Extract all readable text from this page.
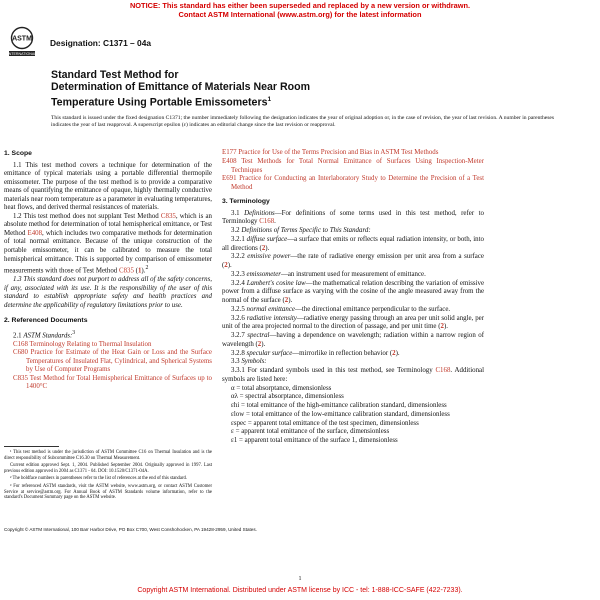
NOTICE: This standard has either been superseded and replaced by a new version or withdrawn.
Contact ASTM International (www.astm.org) for the latest information
ASTM
INTERNATIONAL
Designation: C1371 – 04a
Standard Test Method for
Determination of Emittance of Materials Near Room
Temperature Using Portable Emissometers$^1$
This standard is issued under the fixed designation C1371; the number immediately following the designation indicates the year of original adoption or, in the case of revision, the year of last revision. A number in parentheses indicates the year of last reapproval. A superscript epsilon (ε) indicates an editorial change since the last revision or reapproval.
1. Scope

1.1 This test method covers a technique for determination of the emittance of typical materials using a portable differential thermopile emissometer. The purpose of the test method is to provide a comparative means of quantifying the emittance of opaque, highly thermally conductive materials near room temperature as a parameter in evaluating temperatures, heat flows, and derived thermal resistances of materials.

1.2 This test method does not supplant Test Method C835, which is an absolute method for determination of total hemispherical emittance, or Test Method E408, which includes two comparative methods for determination of total normal emittance. Because of the unique construction of the portable emissometer, it can be calibrated to measure the total hemispherical emittance. This is supported by comparison of emissometer measurements with those of Test Method C835 (1).$^2$

1.3 This standard does not purport to address all of the safety concerns, if any, associated with its use. It is the responsibility of the user of this standard to establish appropriate safety and health practices and determine the applicability of regulatory limitations prior to use.

2. Referenced Documents

2.1 ASTM Standards:$^3$

C168 Terminology Relating to Thermal Insulation

C680 Practice for Estimate of the Heat Gain or Loss and the Surface Temperatures of Insulated Flat, Cylindrical, and Spherical Systems by Use of Computer Programs

C835 Test Method for Total Hemispherical Emittance of Surfaces up to 1400°C

¹ This test method is under the jurisdiction of ASTM Committee C16 on Thermal Insulation and is the direct responsibility of Subcommittee C16.30 on Thermal Measurement.

Current edition approved Sept. 1, 2004. Published September 2004. Originally approved in 1997. Last previous edition approved in 2004 as C1371 - 04. DOI: 10.1520/C1371-04A.

² The boldface numbers in parentheses refer to the list of references at the end of this standard.

³ For referenced ASTM standards, visit the ASTM website, www.astm.org, or contact ASTM Customer Service at service@astm.org. For Annual Book of ASTM Standards volume information, refer to the standard's Document Summary page on the ASTM website.

E177 Practice for Use of the Terms Precision and Bias in ASTM Test Methods

E408 Test Methods for Total Normal Emittance of Surfaces Using Inspection-Meter Techniques

E691 Practice for Conducting an Interlaboratory Study to Determine the Precision of a Test Method

3. Terminology

3.1 Definitions—For definitions of some terms used in this test method, refer to Terminology C168.

3.2 Definitions of Terms Specific to This Standard:

3.2.1 diffuse surface—a surface that emits or reflects equal radiation intensity, or both, into all directions (2).

3.2.2 emissive power—the rate of radiative energy emission per unit area from a surface (2).

3.2.3 emissometer—an instrument used for measurement of emittance.

3.2.4 Lambert's cosine law—the mathematical relation describing the variation of emissive power from a diffuse surface as varying with the cosine of the angle measured away from the normal of the surface (2).

3.2.5 normal emittance—the directional emittance perpendicular to the surface.

3.2.6 radiative intensity—radiative energy passing through an area per unit solid angle, per unit of the area projected normal to the direction of passage, and per unit time (2).

3.2.7 spectral—having a dependence on wavelength; radiation within a narrow region of wavelength (2).

3.2.8 specular surface—mirrorlike in reflection behavior (2).

3.3 Symbols:

3.3.1 For standard symbols used in this test method, see Terminology C168. Additional symbols are listed here:

α = total absorptance, dimensionless

αλ = spectral absorptance, dimensionless

εhi = total emittance of the high-emittance calibration standard, dimensionless

εlow = total emittance of the low-emittance calibration standard, dimensionless

εspec = apparent total emittance of the test specimen, dimensionless

ε = apparent total emittance of the surface, dimensionless

ε1 = apparent total emittance of the surface 1, dimensionless

Copyright © ASTM International, 100 Barr Harbor Drive, PO Box C700, West Conshohocken, PA 19428-2959, United States.
1
Copyright ASTM International. Distributed under ASTM license by ICC - tel: 1-888-ICC-SAFE (422-7233).
